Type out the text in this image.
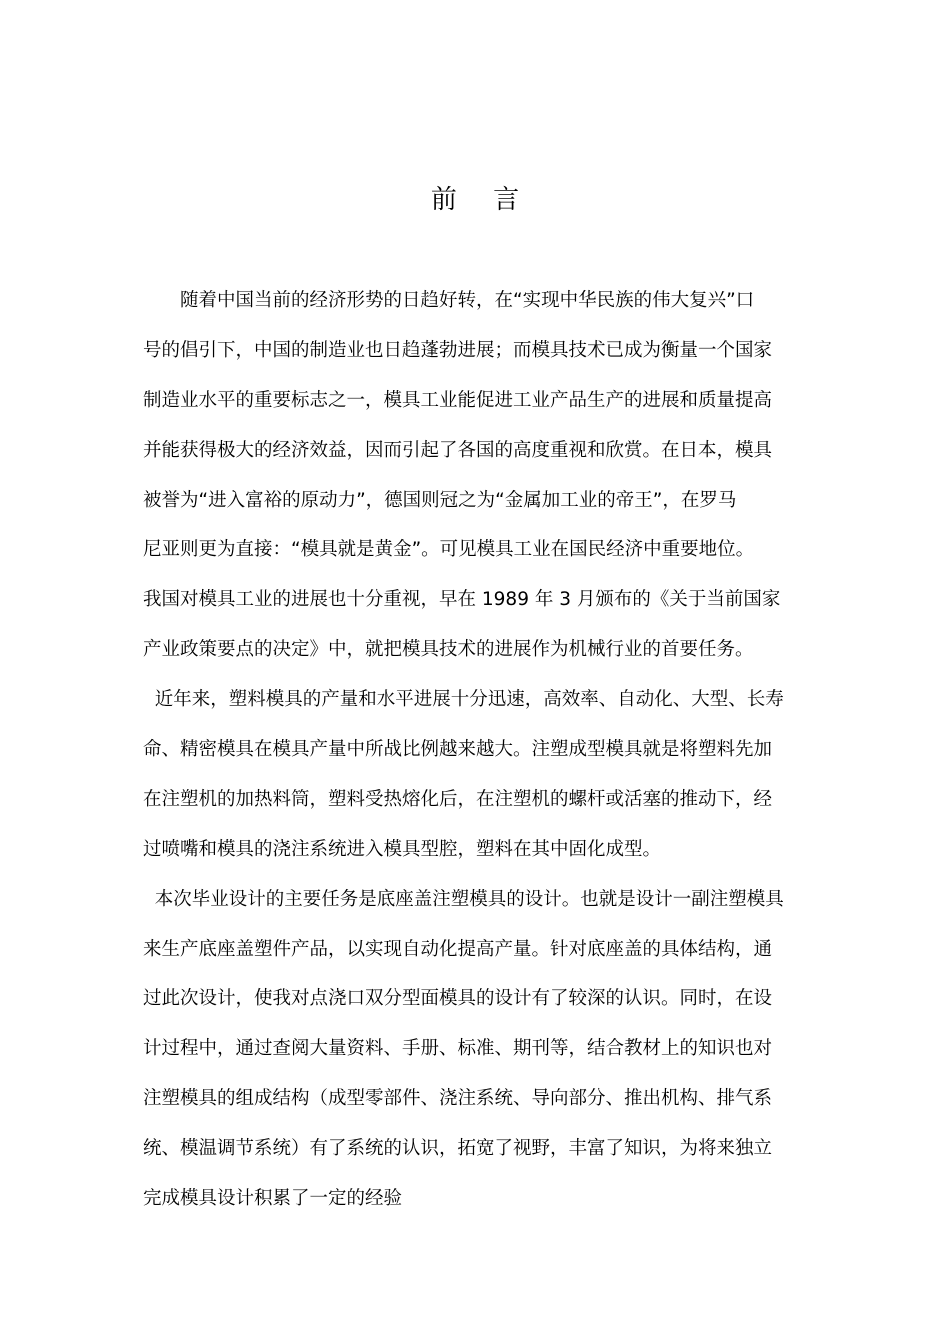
前 言
　　随着中国当前的经济形势的日趋好转，在“实现中华民族的伟大复兴”口
号的倡引下，中国的制造业也日趋蓬勃进展；而模具技术已成为衡量一个国家
制造业水平的重要标志之一，模具工业能促进工业产品生产的进展和质量提高
并能获得极大的经济效益，因而引起了各国的高度重视和欣赏。在日本，模具
被誉为“进入富裕的原动力”，德国则冠之为“金属加工业的帝王”，在罗马
尼亚则更为直接：“模具就是黄金”。可见模具工业在国民经济中重要地位。
我国对模具工业的进展也十分重视，早在 1989 年 3 月颁布的《关于当前国家
产业政策要点的决定》中，就把模具技术的进展作为机械行业的首要任务。
近年来，塑料模具的产量和水平进展十分迅速，高效率、自动化、大型、长寿
命、精密模具在模具产量中所战比例越来越大。注塑成型模具就是将塑料先加
在注塑机的加热料筒，塑料受热熔化后，在注塑机的螺杆或活塞的推动下，经
过喷嘴和模具的浇注系统进入模具型腔，塑料在其中固化成型。
本次毕业设计的主要任务是底座盖注塑模具的设计。也就是设计一副注塑模具
来生产底座盖塑件产品，以实现自动化提高产量。针对底座盖的具体结构，通
过此次设计，使我对点浇口双分型面模具的设计有了较深的认识。同时，在设
计过程中，通过查阅大量资料、手册、标准、期刊等，结合教材上的知识也对
注塑模具的组成结构（成型零部件、浇注系统、导向部分、推出机构、排气系
统、模温调节系统）有了系统的认识，拓宽了视野，丰富了知识，为将来独立
完成模具设计积累了一定的经验
